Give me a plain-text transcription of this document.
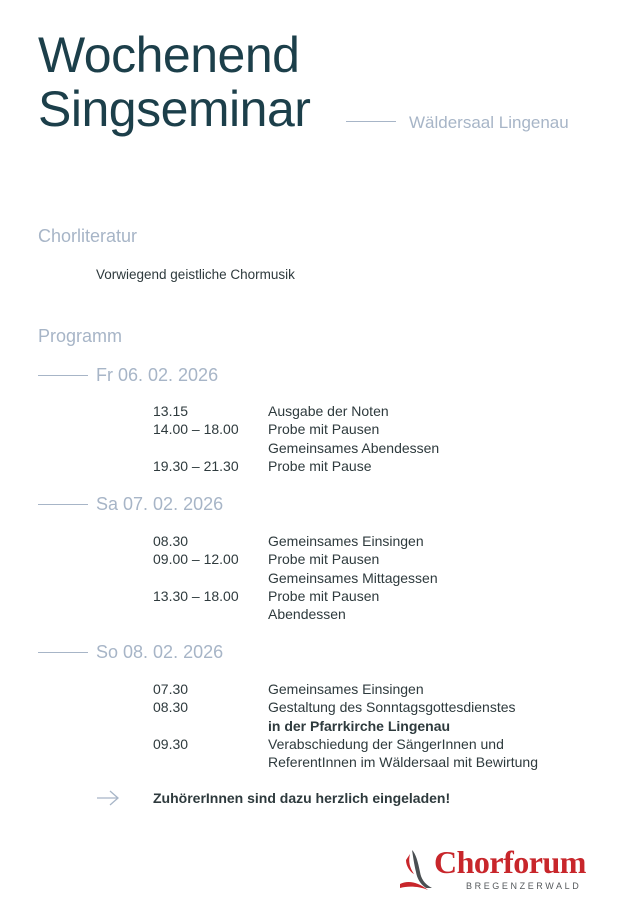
Wochenend
Singseminar	Wäldersaal Lingenau
Chorliteratur
Vorwiegend geistliche Chormusik
Programm
Fr 06. 02. 2026
13.15	Ausgabe der Noten
14.00 – 18.00	Probe mit Pausen
Gemeinsames Abendessen
19.30 – 21.30	Probe mit Pause
Sa 07. 02. 2026
08.30	Gemeinsames Einsingen
09.00 – 12.00	Probe mit Pausen
Gemeinsames Mittagessen
13.30 – 18.00	Probe mit Pausen
Abendessen
So 08. 02. 2026
07.30	Gemeinsames Einsingen
08.30	Gestaltung des Sonntagsgottesdienstes
in der Pfarrkirche Lingenau
09.30	Verabschiedung der SängerInnen und
ReferentInnen im Wäldersaal mit Bewirtung
ZuhörerInnen sind dazu herzlich eingeladen!
Chorforum
BREGENZERWALD
